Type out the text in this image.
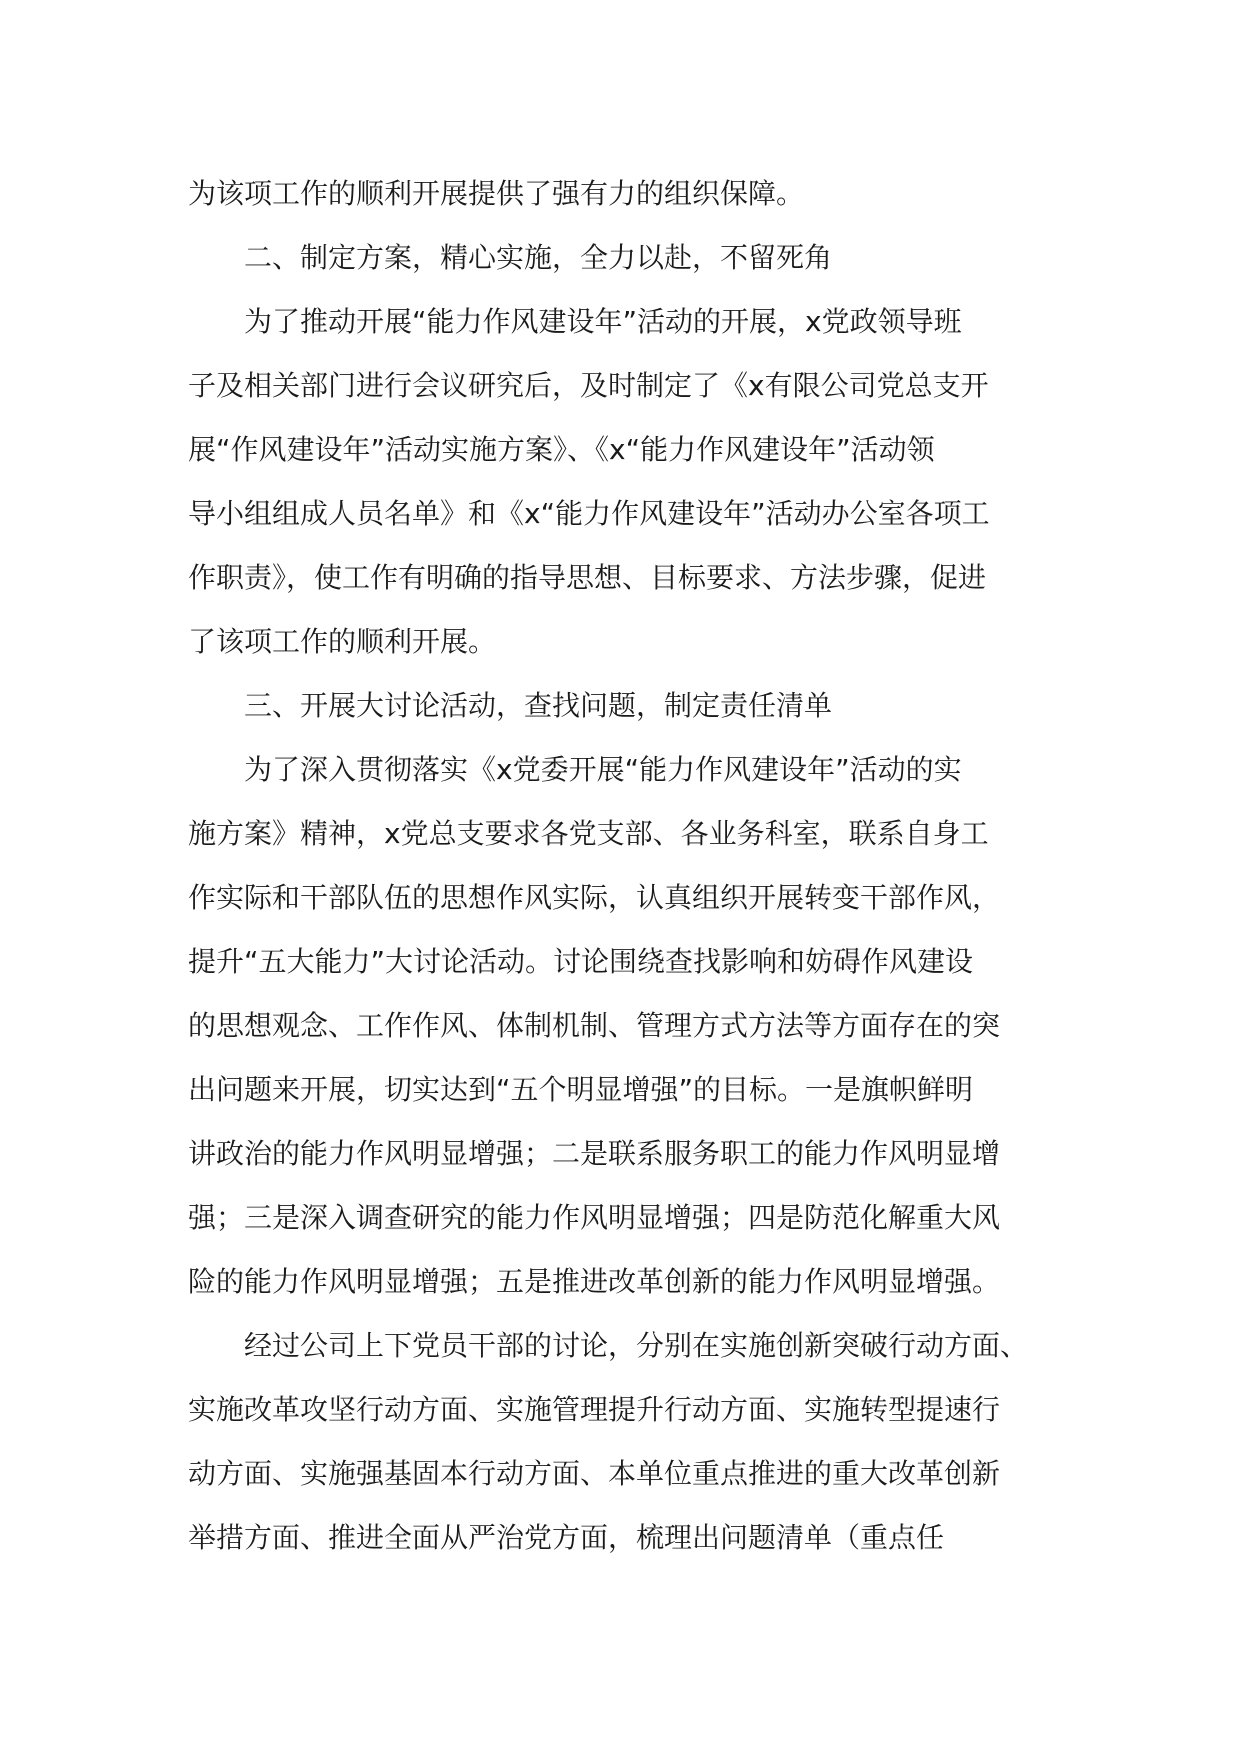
为该项工作的顺利开展提供了强有力的组织保障。
二、制定方案，精心实施，全力以赴，不留死角
为了推动开展“能力作风建设年”活动的开展，x党政领导班
子及相关部门进行会议研究后，及时制定了《x有限公司党总支开
展“作风建设年”活动实施方案》、《x“能力作风建设年”活动领
导小组组成人员名单》和《x“能力作风建设年”活动办公室各项工
作职责》，使工作有明确的指导思想、目标要求、方法步骤，促进
了该项工作的顺利开展。
三、开展大讨论活动，查找问题，制定责任清单
为了深入贯彻落实《x党委开展“能力作风建设年”活动的实
施方案》精神，x党总支要求各党支部、各业务科室，联系自身工
作实际和干部队伍的思想作风实际，认真组织开展转变干部作风，
提升“五大能力”大讨论活动。讨论围绕查找影响和妨碍作风建设
的思想观念、工作作风、体制机制、管理方式方法等方面存在的突
出问题来开展，切实达到“五个明显增强”的目标。一是旗帜鲜明
讲政治的能力作风明显增强；二是联系服务职工的能力作风明显增
强；三是深入调查研究的能力作风明显增强；四是防范化解重大风
险的能力作风明显增强；五是推进改革创新的能力作风明显增强。
经过公司上下党员干部的讨论，分别在实施创新突破行动方面、
实施改革攻坚行动方面、实施管理提升行动方面、实施转型提速行
动方面、实施强基固本行动方面、本单位重点推进的重大改革创新
举措方面、推进全面从严治党方面，梳理出问题清单（重点任
